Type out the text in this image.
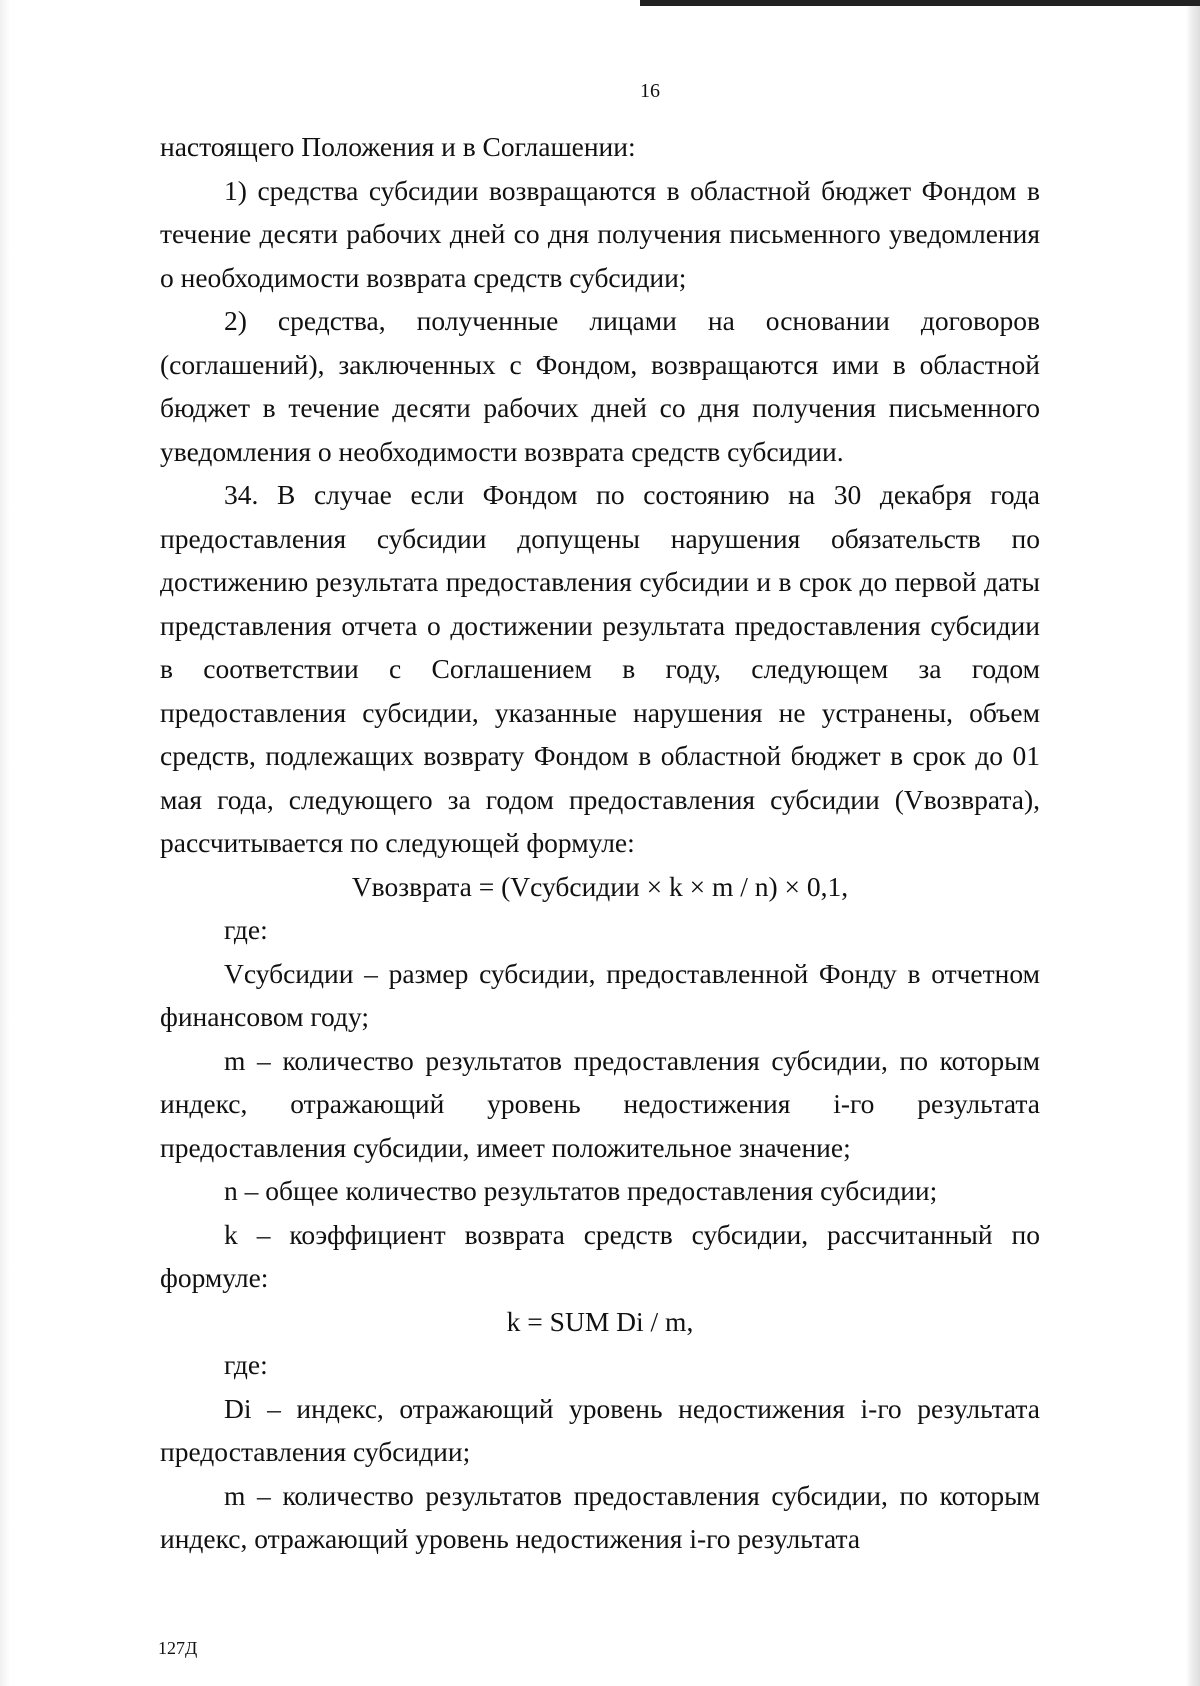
16

настоящего Положения и в Соглашении:

1) средства субсидии возвращаются в областной бюджет Фондом в течение десяти рабочих дней со дня получения письменного уведомления о необходимости возврата средств субсидии;

2) средства, полученные лицами на основании договоров (соглашений), заключенных с Фондом, возвращаются ими в областной бюджет в течение десяти рабочих дней со дня получения письменного уведомления о необходимости возврата средств субсидии.

34. В случае если Фондом по состоянию на 30 декабря года предоставления субсидии допущены нарушения обязательств по достижению результата предоставления субсидии и в срок до первой даты представления отчета о достижении результата предоставления субсидии в соответствии с Соглашением в году, следующем за годом предоставления субсидии, указанные нарушения не устранены, объем средств, подлежащих возврату Фондом в областной бюджет в срок до 01 мая года, следующего за годом предоставления субсидии (Vвозврата), рассчитывается по следующей формуле:

Vвозврата = (Vсубсидии × k × m / n) × 0,1,

где:

Vсубсидии – размер субсидии, предоставленной Фонду в отчетном финансовом году;

m – количество результатов предоставления субсидии, по которым индекс, отражающий уровень недостижения i-го результата предоставления субсидии, имеет положительное значение;

n – общее количество результатов предоставления субсидии;

k – коэффициент возврата средств субсидии, рассчитанный по формуле:

k = SUM Di / m,

где:

Di – индекс, отражающий уровень недостижения i-го результата предоставления субсидии;

m – количество результатов предоставления субсидии, по которым индекс, отражающий уровень недостижения i-го результата

127Д
